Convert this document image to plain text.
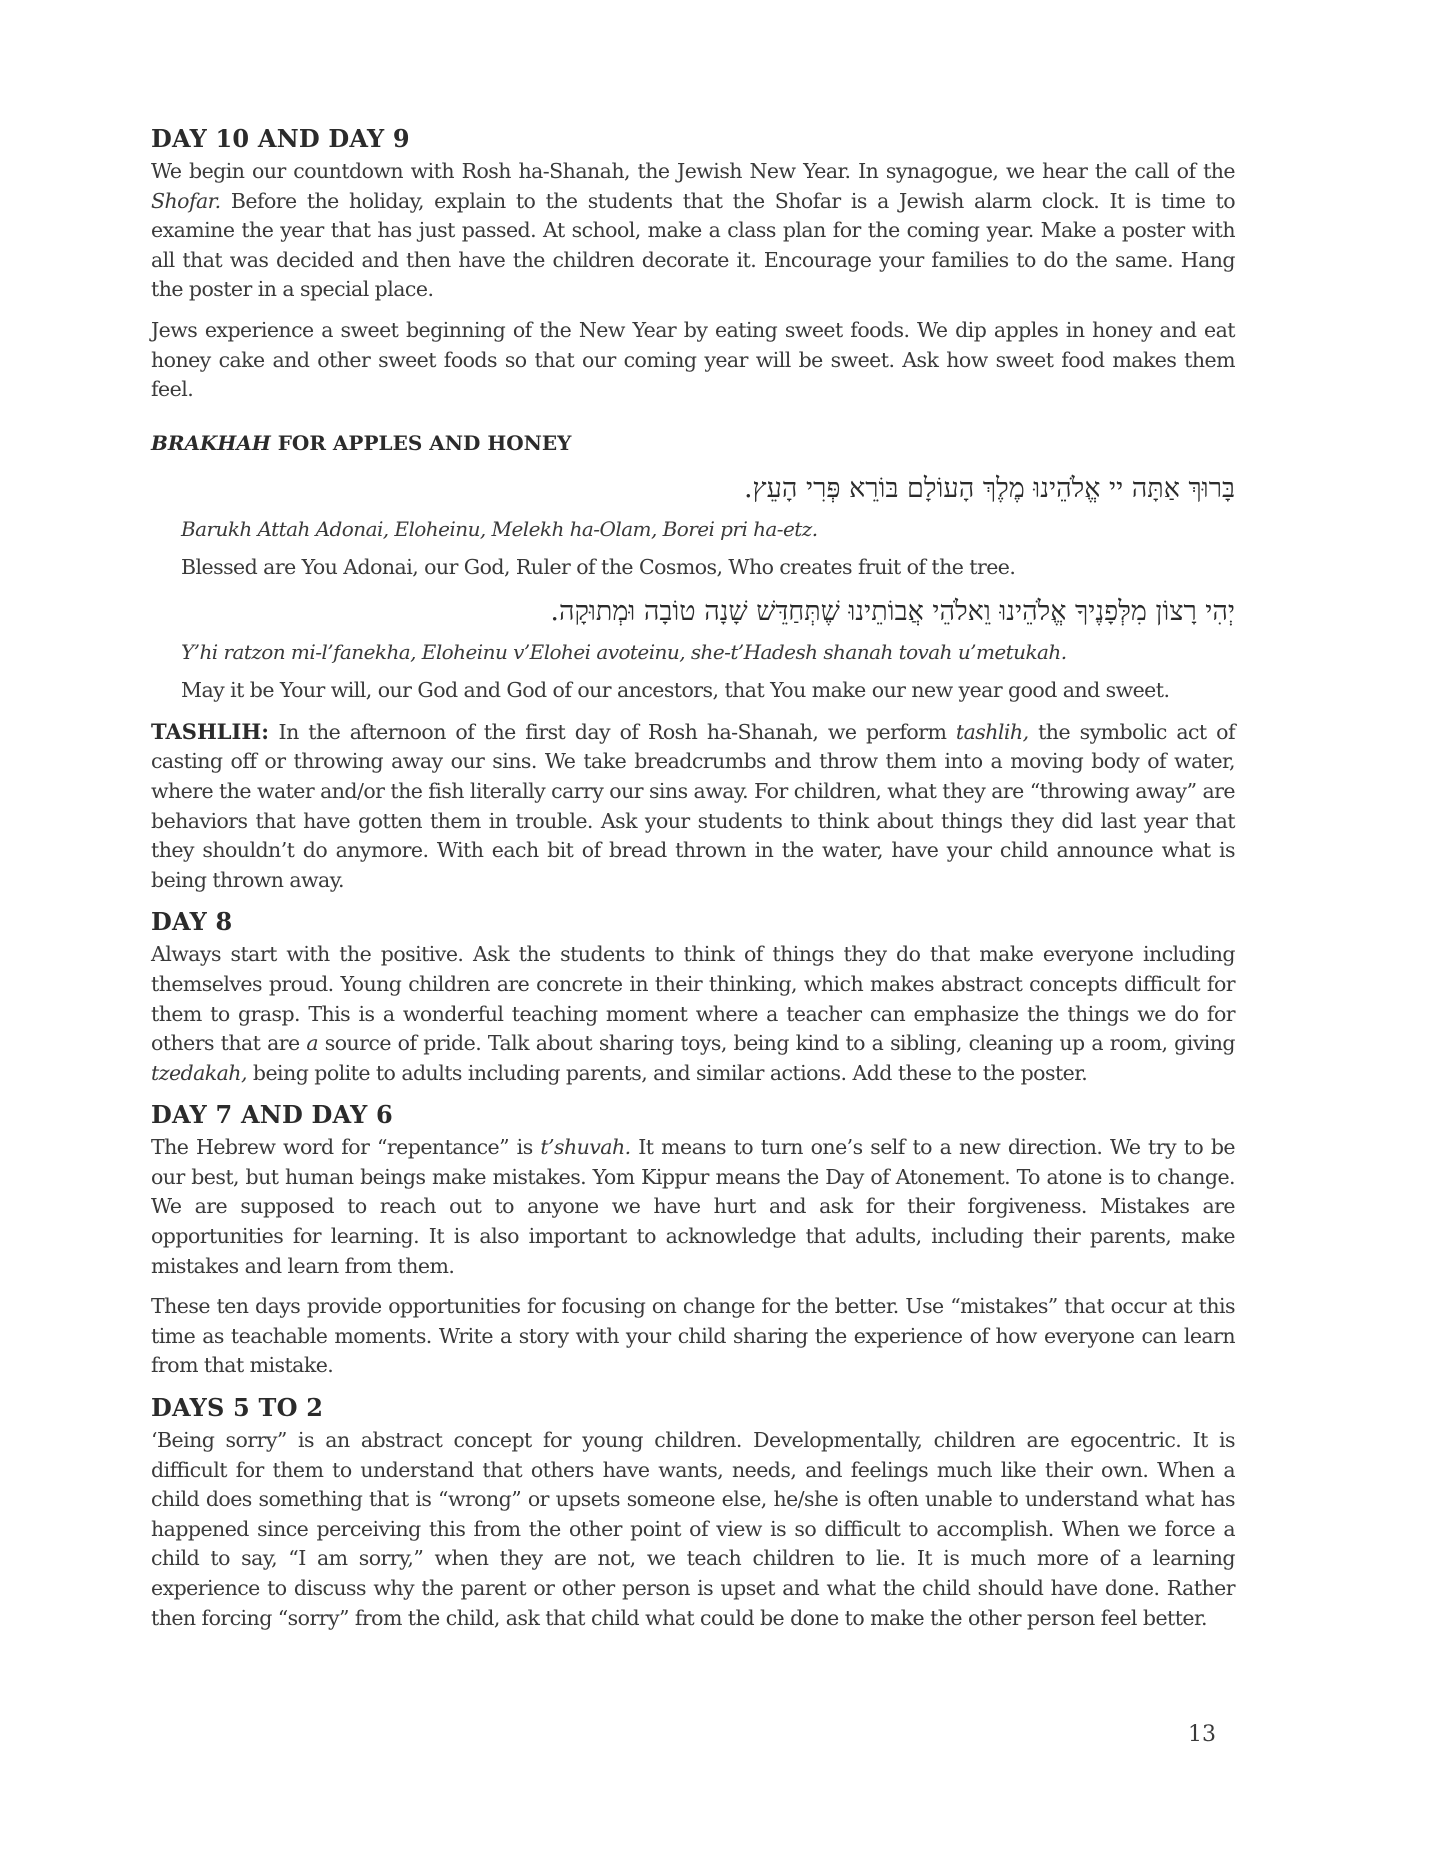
DAY 10 AND DAY 9

We begin our countdown with Rosh ha-Shanah, the Jewish New Year. In synagogue, we hear the call of the Shofar. Before the holiday, explain to the students that the Shofar is a Jewish alarm clock. It is time to examine the year that has just passed. At school, make a class plan for the coming year. Make a poster with all that was decided and then have the children decorate it. Encourage your families to do the same. Hang the poster in a special place.

Jews experience a sweet beginning of the New Year by eating sweet foods. We dip apples in honey and eat honey cake and other sweet foods so that our coming year will be sweet. Ask how sweet food makes them feel.

BRAKHAH FOR APPLES AND HONEY
בָּרוּךְ אַתָּה יי אֱלֹהֵינוּ מֶלֶךְ הָעוֹלָם בּוֹרֵא פְּרִי הָעֵץ.

Barukh Attah Adonai, Eloheinu, Melekh ha-Olam, Borei pri ha-etz.

Blessed are You Adonai, our God, Ruler of the Cosmos, Who creates fruit of the tree.

יְהִי רָצוֹן מִלְּפָנֶיךָ אֱלֹהֵינוּ וֵאלֹהֵי אֲבוֹתֵינוּ שֶׁתְּחַדֵּשׁ שָׁנָה טוֹבָה וּמְתוּקָה.

Y’hi ratzon mi-l’fanekha, Eloheinu v’Elohei avoteinu, she-t’Hadesh shanah tovah u’metukah.

May it be Your will, our God and God of our ancestors, that You make our new year good and sweet.

TASHLIH: In the afternoon of the first day of Rosh ha-Shanah, we perform tashlih, the symbolic act of casting off or throwing away our sins. We take breadcrumbs and throw them into a moving body of water, where the water and/or the fish literally carry our sins away. For children, what they are “throwing away” are behaviors that have gotten them in trouble. Ask your students to think about things they did last year that they shouldn’t do anymore. With each bit of bread thrown in the water, have your child announce what is being thrown away.

DAY 8

Always start with the positive. Ask the students to think of things they do that make everyone including themselves proud. Young children are concrete in their thinking, which makes abstract concepts difficult for them to grasp. This is a wonderful teaching moment where a teacher can emphasize the things we do for others that are a source of pride. Talk about sharing toys, being kind to a sibling, cleaning up a room, giving tzedakah, being polite to adults including parents, and similar actions. Add these to the poster.

DAY 7 AND DAY 6

The Hebrew word for “repentance” is t’shuvah. It means to turn one’s self to a new direction. We try to be our best, but human beings make mistakes. Yom Kippur means the Day of Atonement. To atone is to change. We are supposed to reach out to anyone we have hurt and ask for their forgiveness. Mistakes are opportunities for learning. It is also important to acknowledge that adults, including their parents, make mistakes and learn from them.

These ten days provide opportunities for focusing on change for the better. Use “mistakes” that occur at this time as teachable moments. Write a story with your child sharing the experience of how everyone can learn from that mistake.

DAYS 5 TO 2

‘Being sorry” is an abstract concept for young children. Developmentally, children are egocentric. It is difficult for them to understand that others have wants, needs, and feelings much like their own. When a child does something that is “wrong” or upsets someone else, he/she is often unable to understand what has happened since perceiving this from the other point of view is so difficult to accomplish. When we force a child to say, “I am sorry,” when they are not, we teach children to lie. It is much more of a learning experience to discuss why the parent or other person is upset and what the child should have done. Rather then forcing “sorry” from the child, ask that child what could be done to make the other person feel better.

13
